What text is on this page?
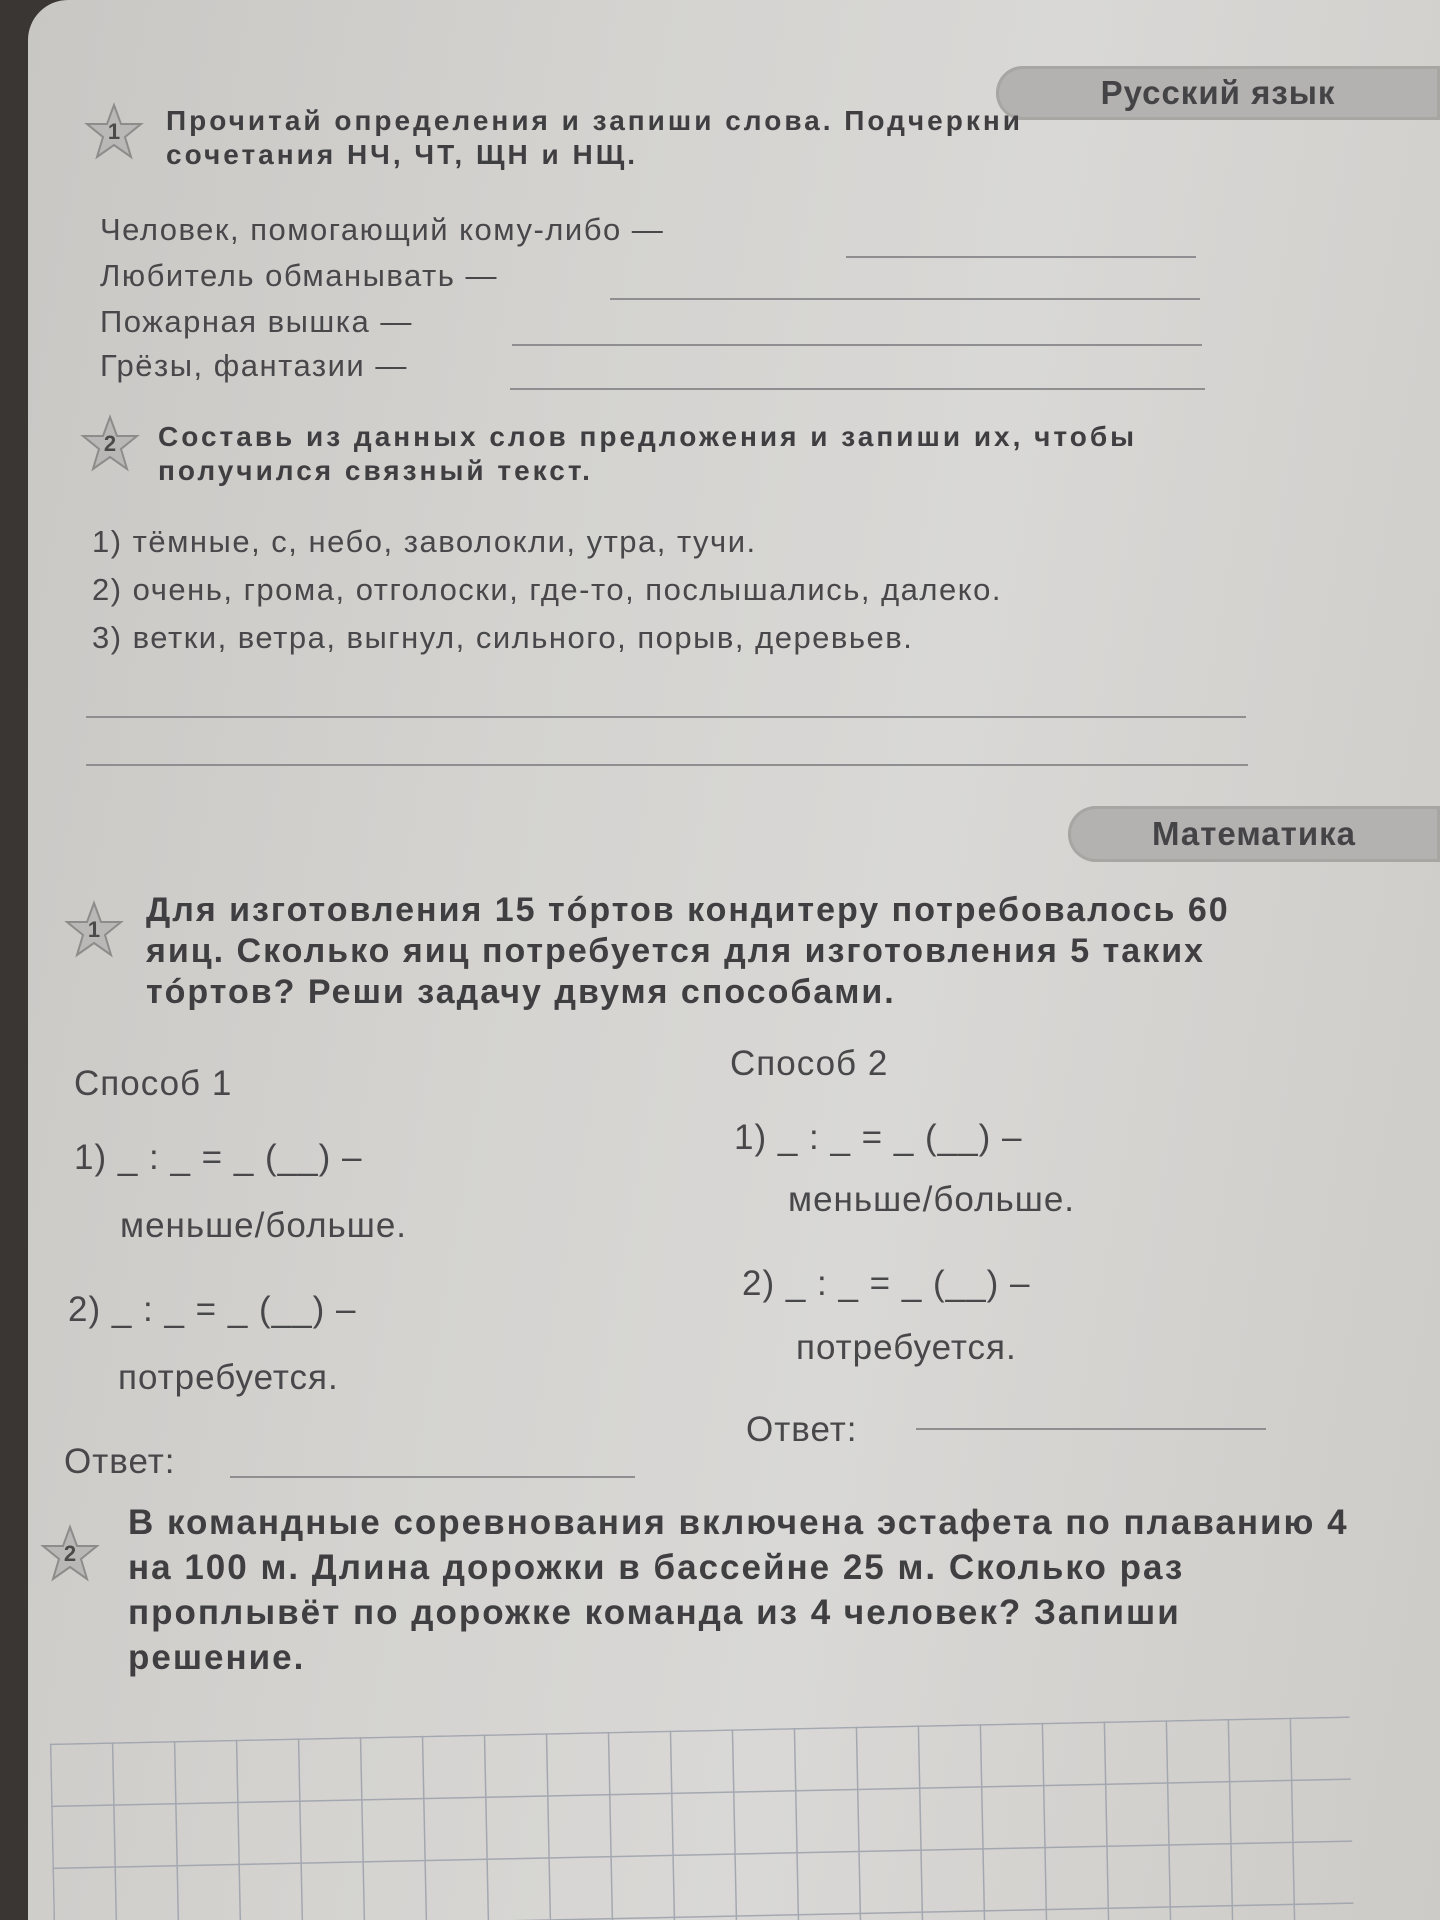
Русский язык
1 Прочитай определения и запиши слова. Подчеркни сочетания НЧ, ЧТ, ЩН и НЩ.
Человек, помогающий кому-либо —
Любитель обманывать —
Пожарная вышка —
Грёзы, фантазии —
2 Составь из данных слов предложения и запиши их, чтобы получился связный текст.
1) тёмные, с, небо, заволокли, утра, тучи.
2) очень, грома, отголоски, где-то, послышались, далеко.
3) ветки, ветра, выгнул, сильного, порыв, деревьев.
Математика
1
Для изготовления 15 тóртов кондитеру потребовалось 60 яиц. Сколько яиц потребуется для изготовления 5 таких тóртов? Реши задачу двумя способами.
Способ 1
1) _ : _ = _ (__) –
меньше/больше.
2) _ : _ = _ (__) –
потребуется.
Ответ:
Способ 2
1) _ : _ = _ (__) –
меньше/больше.
2) _ : _ = _ (__) –
потребуется.
Ответ:
2
В командные соревнования включена эстафета по плаванию 4 на 100 м. Длина дорожки в бассейне 25 м. Сколько раз проплывёт по дорожке команда из 4 человек? Запиши решение.
